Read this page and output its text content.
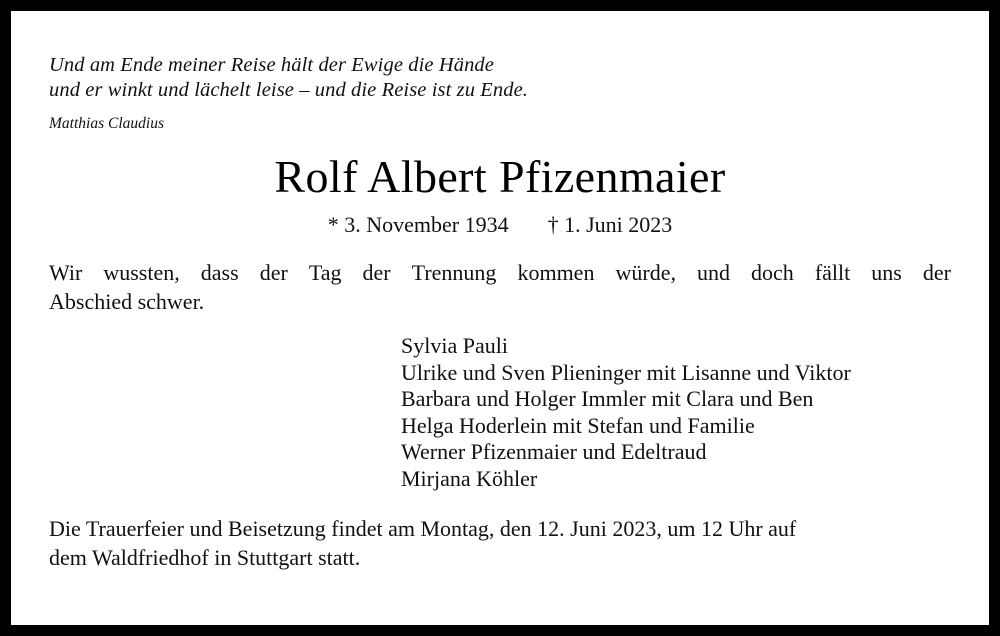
Und am Ende meiner Reise hält der Ewige die Hände
und er winkt und lächelt leise – und die Reise ist zu Ende.
Matthias Claudius
Rolf Albert Pfizenmaier
* 3. November 1934 † 1. Juni 2023
Wir wussten, dass der Tag der Trennung kommen würde, und doch fällt uns der
Abschied schwer.
Sylvia Pauli
Ulrike und Sven Plieninger mit Lisanne und Viktor
Barbara und Holger Immler mit Clara und Ben
Helga Hoderlein mit Stefan und Familie
Werner Pfizenmaier und Edeltraud
Mirjana Köhler
Die Trauerfeier und Beisetzung findet am Montag, den 12. Juni 2023, um 12 Uhr auf
dem Waldfriedhof in Stuttgart statt.
